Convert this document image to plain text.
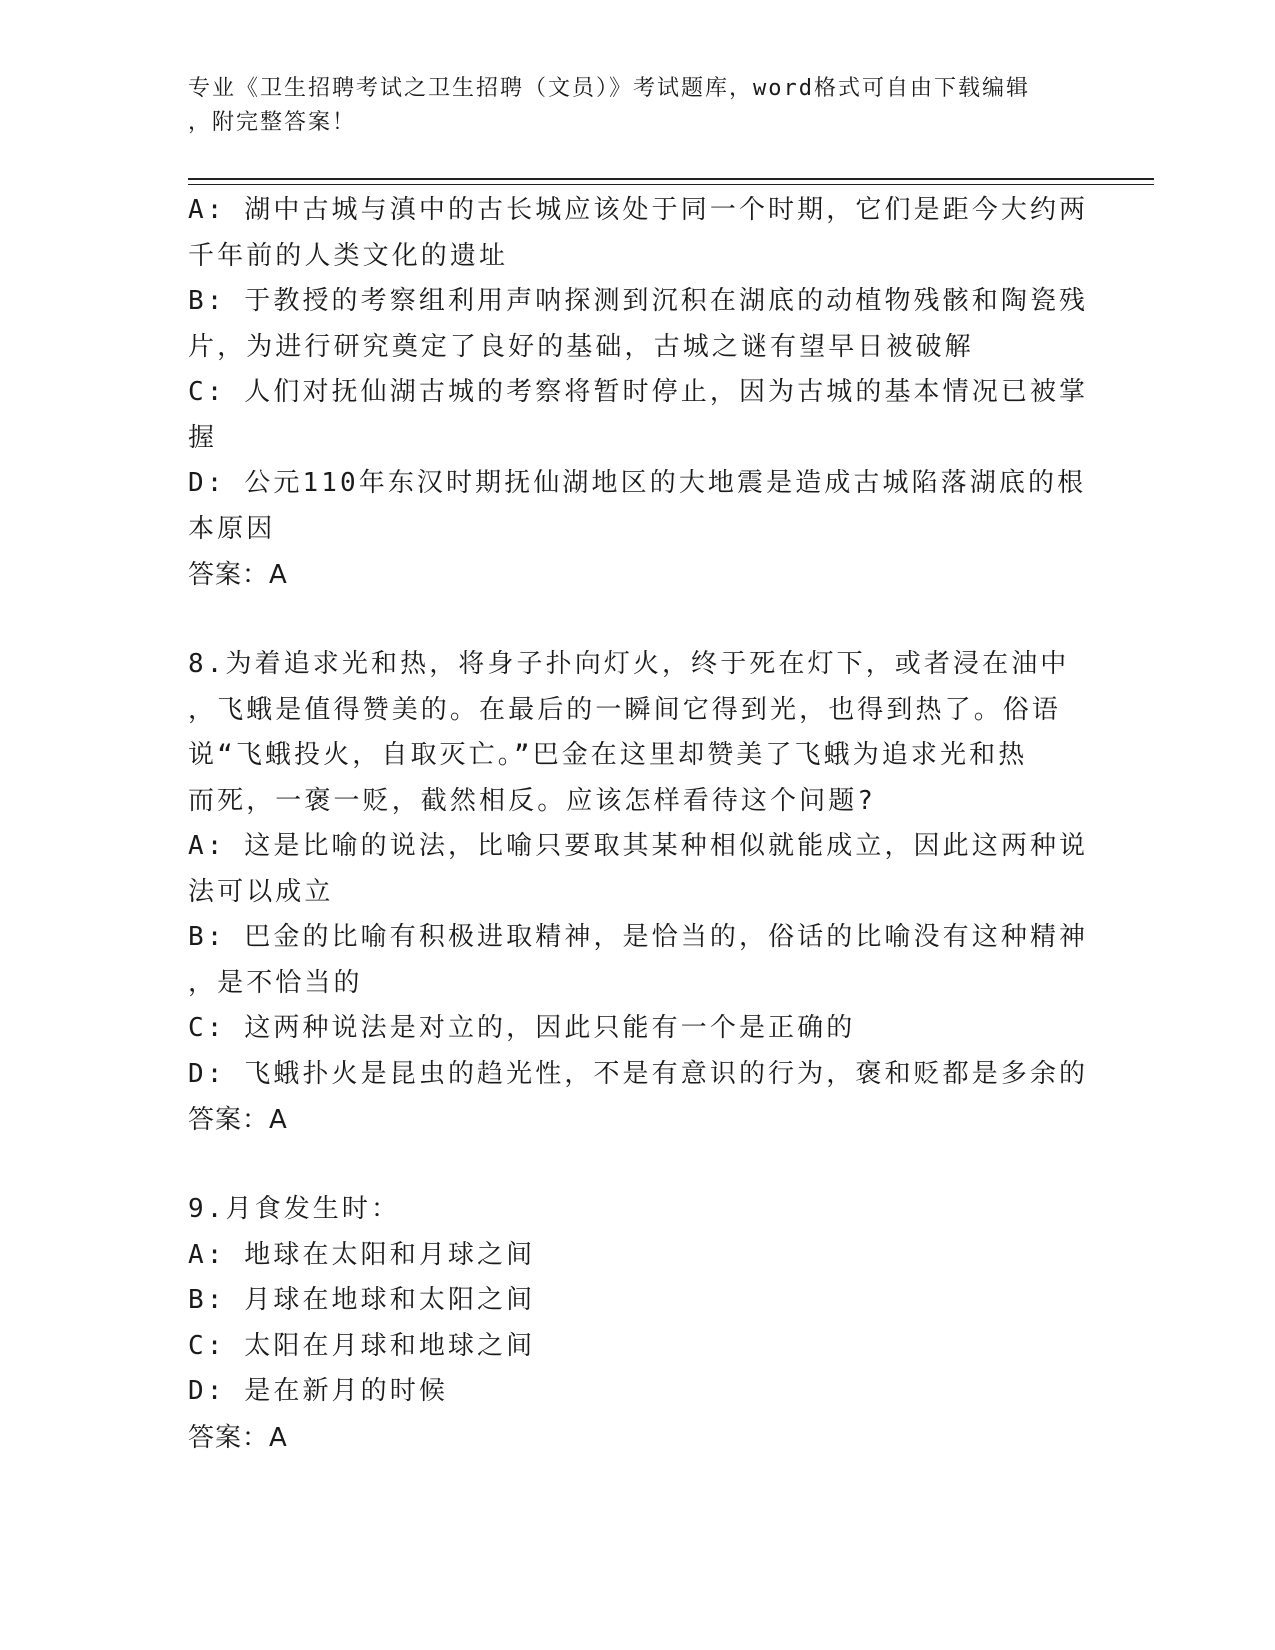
专业《卫生招聘考试之卫生招聘（文员）》考试题库，word格式可自由下载编辑
，附完整答案！
A: 湖中古城与滇中的古长城应该处于同一个时期，它们是距今大约两
千年前的人类文化的遗址
B: 于教授的考察组利用声呐探测到沉积在湖底的动植物残骸和陶瓷残
片，为进行研究奠定了良好的基础，古城之谜有望早日被破解
C: 人们对抚仙湖古城的考察将暂时停止，因为古城的基本情况已被掌
握
D: 公元110年东汉时期抚仙湖地区的大地震是造成古城陷落湖底的根
本原因
答案：A
8.为着追求光和热，将身子扑向灯火，终于死在灯下，或者浸在油中
，飞蛾是值得赞美的。在最后的一瞬间它得到光，也得到热了。俗语
说“飞蛾投火，自取灭亡。”巴金在这里却赞美了飞蛾为追求光和热
而死，一褒一贬，截然相反。应该怎样看待这个问题?
A: 这是比喻的说法，比喻只要取其某种相似就能成立，因此这两种说
法可以成立
B: 巴金的比喻有积极进取精神，是恰当的，俗话的比喻没有这种精神
，是不恰当的
C: 这两种说法是对立的，因此只能有一个是正确的
D: 飞蛾扑火是昆虫的趋光性，不是有意识的行为，褒和贬都是多余的
答案：A
9.月食发生时：
A: 地球在太阳和月球之间
B: 月球在地球和太阳之间
C: 太阳在月球和地球之间
D: 是在新月的时候
答案：A
